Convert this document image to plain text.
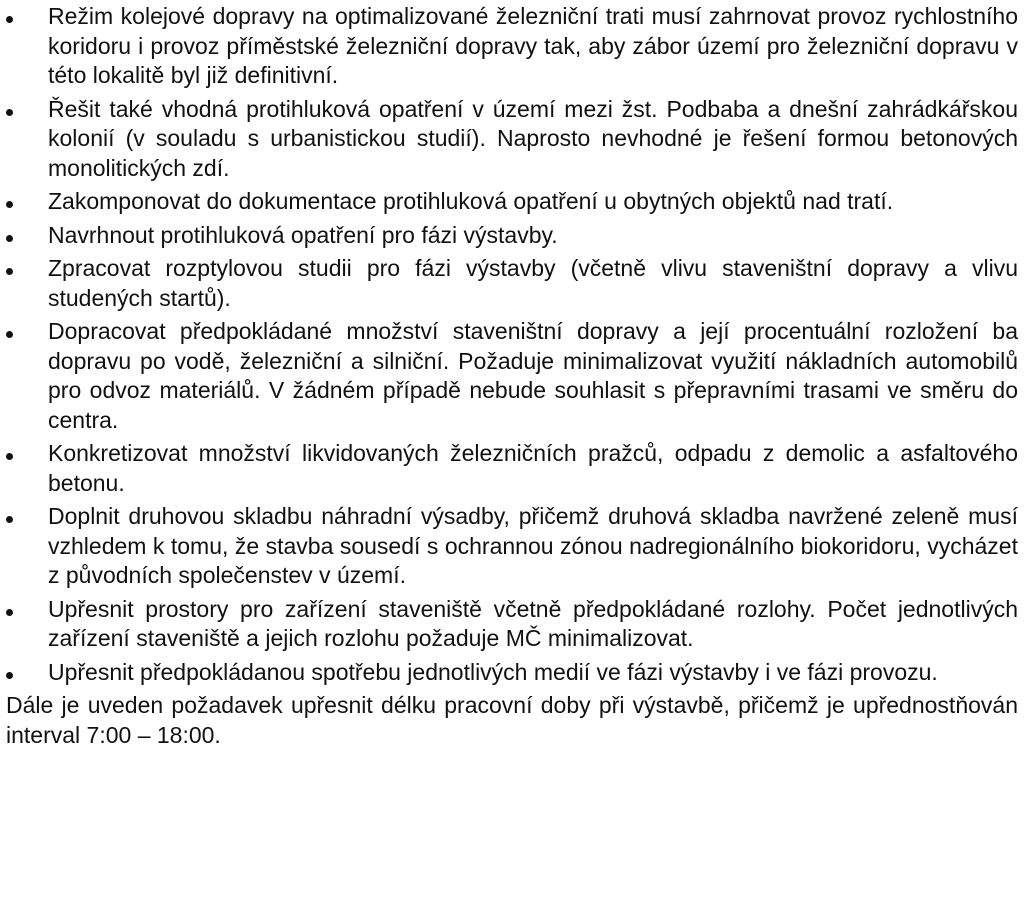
Režim kolejové dopravy na optimalizované železniční trati musí zahrnovat provoz rychlostního koridoru i provoz příměstské železniční dopravy tak, aby zábor území pro železniční dopravu v této lokalitě byl již definitivní.
Řešit také vhodná protihluková opatření v území mezi žst. Podbaba a dnešní zahrádkářskou kolonií (v souladu s urbanistickou studií). Naprosto nevhodné je řešení formou betonových monolitických zdí.
Zakomponovat do dokumentace protihluková opatření u obytných objektů nad tratí.
Navrhnout protihluková opatření pro fázi výstavby.
Zpracovat rozptylovou studii pro fázi výstavby (včetně vlivu staveništní dopravy a vlivu studených startů).
Dopracovat předpokládané množství staveništní dopravy a její procentuální rozložení ba dopravu po vodě, železniční a silniční. Požaduje minimalizovat využití nákladních automobilů pro odvoz materiálů. V žádném případě nebude souhlasit s přepravními trasami ve směru do centra.
Konkretizovat množství likvidovaných železničních pražců, odpadu z demolic a asfaltového betonu.
Doplnit druhovou skladbu náhradní výsadby, přičemž druhová skladba navržené zeleně musí vzhledem k tomu, že stavba sousedí s ochrannou zónou nadregionálního biokoridoru, vycházet z původních společenstev v území.
Upřesnit prostory pro zařízení staveniště včetně předpokládané rozlohy. Počet jednotlivých zařízení staveniště a jejich rozlohu požaduje MČ minimalizovat.
Upřesnit předpokládanou spotřebu jednotlivých medií ve fázi výstavby i ve fázi provozu.

Dále je uveden požadavek upřesnit délku pracovní doby při výstavbě, přičemž je upřednostňován interval 7:00 – 18:00.
